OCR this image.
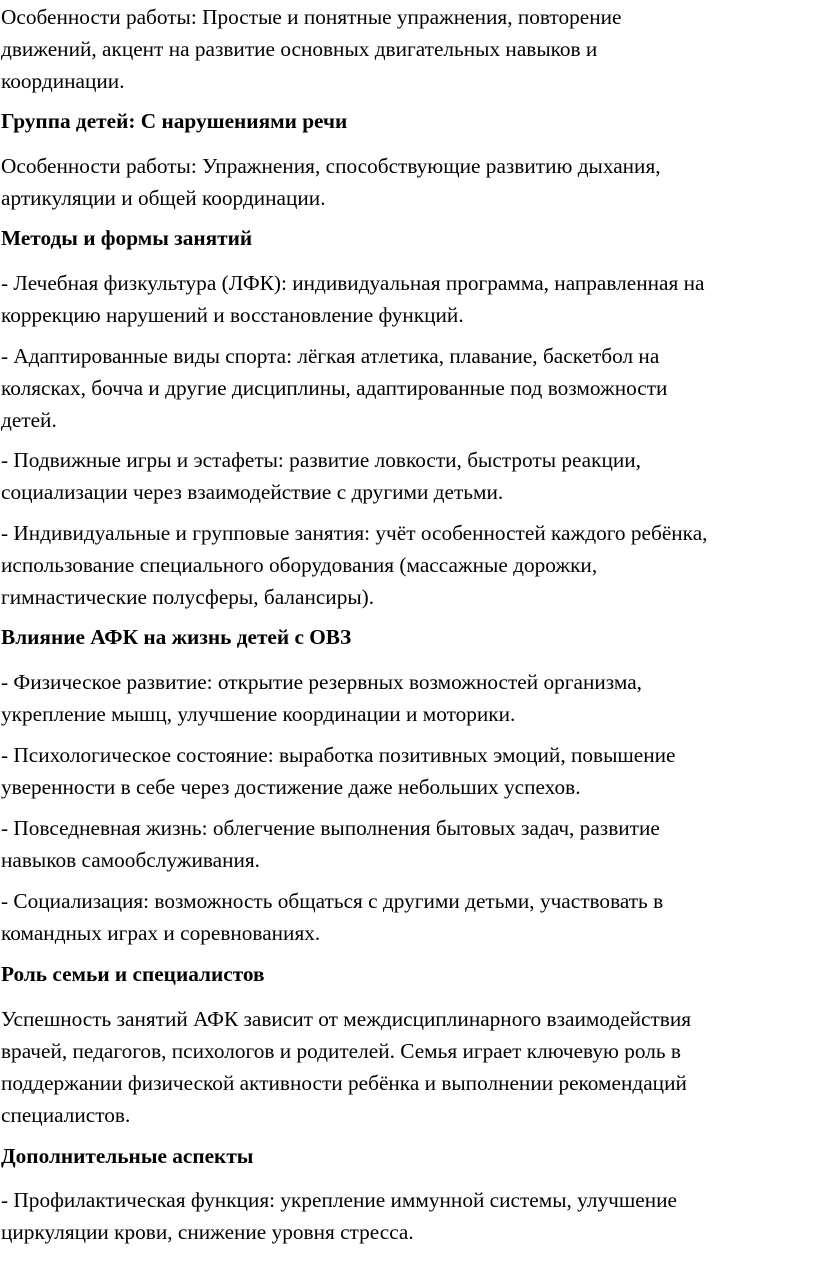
Особенности работы: Простые и понятные упражнения, повторение
движений, акцент на развитие основных двигательных навыков и
координации.
Группа детей: С нарушениями речи
Особенности работы: Упражнения, способствующие развитию дыхания,
артикуляции и общей координации.
Методы и формы занятий
- Лечебная физкультура (ЛФК): индивидуальная программа, направленная на
коррекцию нарушений и восстановление функций.
- Адаптированные виды спорта: лёгкая атлетика, плавание, баскетбол на
колясках, бочча и другие дисциплины, адаптированные под возможности
детей.
- Подвижные игры и эстафеты: развитие ловкости, быстроты реакции,
социализации через взаимодействие с другими детьми.
- Индивидуальные и групповые занятия: учёт особенностей каждого ребёнка,
использование специального оборудования (массажные дорожки,
гимнастические полусферы, балансиры).
Влияние АФК на жизнь детей с ОВЗ
- Физическое развитие: открытие резервных возможностей организма,
укрепление мышц, улучшение координации и моторики.
- Психологическое состояние: выработка позитивных эмоций, повышение
уверенности в себе через достижение даже небольших успехов.
- Повседневная жизнь: облегчение выполнения бытовых задач, развитие
навыков самообслуживания.
- Социализация: возможность общаться с другими детьми, участвовать в
командных играх и соревнованиях.
Роль семьи и специалистов
Успешность занятий АФК зависит от междисциплинарного взаимодействия
врачей, педагогов, психологов и родителей. Семья играет ключевую роль в
поддержании физической активности ребёнка и выполнении рекомендаций
специалистов.
Дополнительные аспекты
- Профилактическая функция: укрепление иммунной системы, улучшение
циркуляции крови, снижение уровня стресса.
